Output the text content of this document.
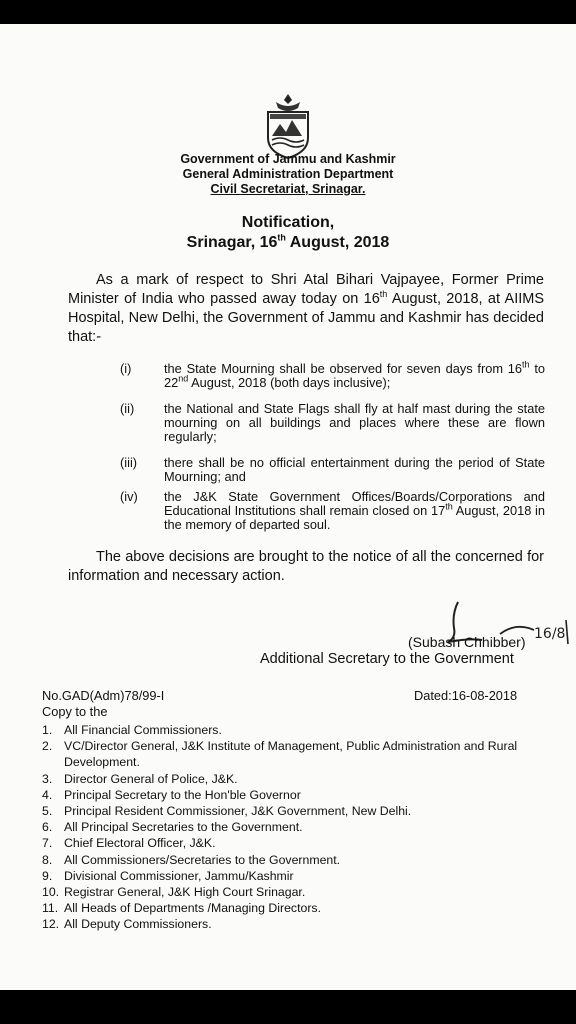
Government of Jammu and Kashmir
General Administration Department
Civil Secretariat, Srinagar.
Notification,
Srinagar, 16th August, 2018
As a mark of respect to Shri Atal Bihari Vajpayee, Former Prime Minister of India who passed away today on 16th August, 2018, at AIIMS Hospital, New Delhi, the Government of Jammu and Kashmir has decided that:-
(i)	the State Mourning shall be observed for seven days from 16th to 22nd August, 2018 (both days inclusive);
(ii)	the National and State Flags shall fly at half mast during the state mourning on all buildings and places where these are flown regularly;
(iii)	there shall be no official entertainment during the period of State Mourning; and
(iv)	the J&K State Government Offices/Boards/Corporations and Educational Institutions shall remain closed on 17th August, 2018 in the memory of departed soul.
The above decisions are brought to the notice of all the concerned for information and necessary action.
16/8
(Subash Chhibber)
Additional Secretary to the Government
No.GAD(Adm)78/99-I	Dated:16-08-2018
Copy to the
1. All Financial Commissioners.
2. VC/Director General, J&K Institute of Management, Public Administration and Rural Development.
3. Director General of Police, J&K.
4. Principal Secretary to the Hon'ble Governor
5. Principal Resident Commissioner, J&K Government, New Delhi.
6. All Principal Secretaries to the Government.
7. Chief Electoral Officer, J&K.
8. All Commissioners/Secretaries to the Government.
9. Divisional Commissioner, Jammu/Kashmir
10. Registrar General, J&K High Court Srinagar.
11. All Heads of Departments /Managing Directors.
12. All Deputy Commissioners.
